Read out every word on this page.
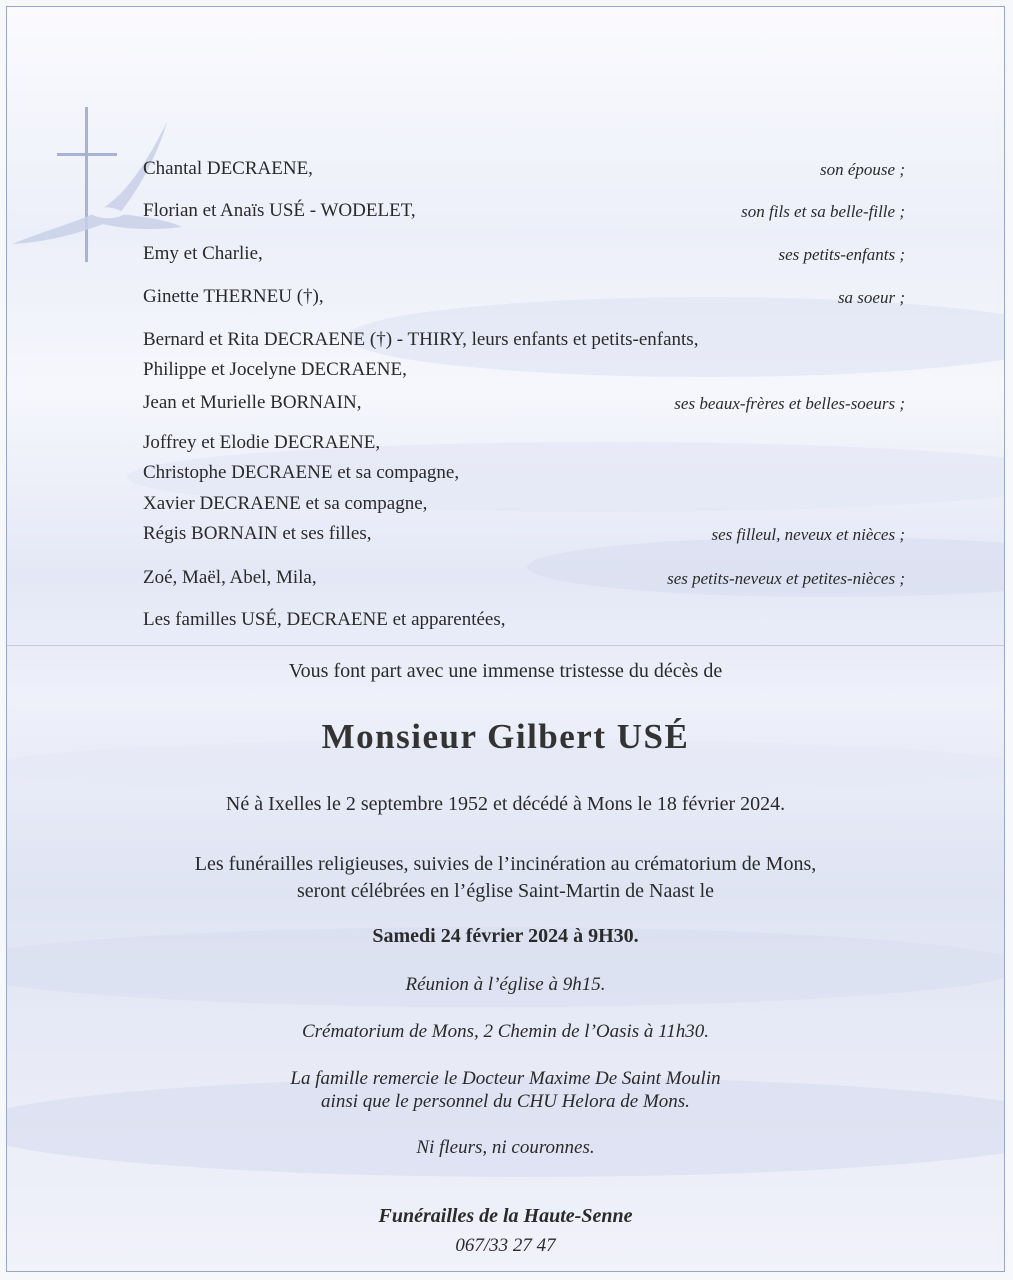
Chantal DECRAENE,	son épouse ;
Florian et Anaïs USÉ - WODELET,	son fils et sa belle-fille ;
Emy et Charlie,	ses petits-enfants ;
Ginette THERNEU (†),	sa soeur ;
Bernard et Rita DECRAENE (†) - THIRY, leurs enfants et petits-enfants,
Philippe et Jocelyne DECRAENE,
Jean et Murielle BORNAIN,	ses beaux-frères et belles-soeurs ;
Joffrey et Elodie DECRAENE,
Christophe DECRAENE et sa compagne,
Xavier DECRAENE et sa compagne,
Régis BORNAIN et ses filles,	ses filleul, neveux et nièces ;
Zoé, Maël, Abel, Mila,	ses petits-neveux et petites-nièces ;
Les familles USÉ, DECRAENE et apparentées,
Vous font part avec une immense tristesse du décès de
Monsieur Gilbert USÉ
Né à Ixelles le 2 septembre 1952 et décédé à Mons le 18 février 2024.
Les funérailles religieuses, suivies de l’incinération au crématorium de Mons,
seront célébrées en l’église Saint-Martin de Naast le
Samedi 24 février 2024 à 9H30.
Réunion à l’église à 9h15.
Crématorium de Mons, 2 Chemin de l’Oasis à 11h30.
La famille remercie le Docteur Maxime De Saint Moulin
ainsi que le personnel du CHU Helora de Mons.
Ni fleurs, ni couronnes.
Funérailles de la Haute-Senne
067/33 27 47
